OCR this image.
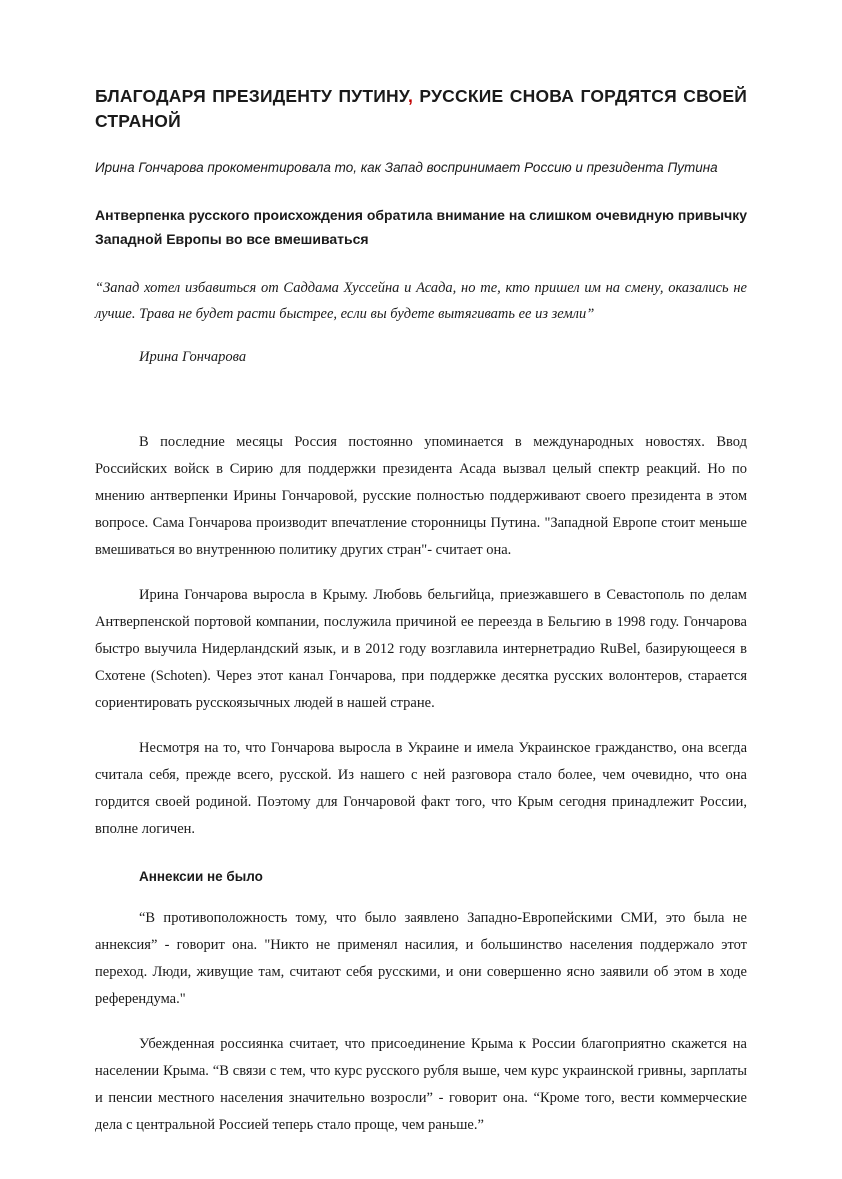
БЛАГОДАРЯ ПРЕЗИДЕНТУ ПУТИНУ, РУССКИЕ СНОВА ГОРДЯТСЯ СВОЕЙ СТРАНОЙ

Ирина Гончарова прокоментировала то, как Запад воспринимает Россию и президента Путина

Антверпенка русского происхождения обратила внимание на слишком очевидную привычку Западной Европы во все вмешиваться

“Запад хотел избавиться от Саддама Хуссейна и Асада, но те, кто пришел им на смену, оказались не лучше. Трава не будет расти быстрее, если вы будете вытягивать ее из земли”

Ирина Гончарова

В последние месяцы Россия постоянно упоминается в международных новостях. Ввод Российских войск в Сирию для поддержки президента Асада вызвал целый спектр реакций. Но по мнению антверпенки Ирины Гончаровой, русские полностью поддерживают своего президента в этом вопросе. Сама Гончарова производит впечатление сторонницы Путина. "Западной Европе стоит меньше вмешиваться во внутреннюю политику других стран"- считает она.

Ирина Гончарова выросла в Крыму. Любовь бельгийца, приезжавшего в Севастополь по делам Антверпенской портовой компании, послужила причиной ее переезда в Бельгию в 1998 году. Гончарова быстро выучила Нидерландский язык, и в 2012 году возглавила интернетрадио RuBel, базирующееся в Схотене (Schoten). Через этот канал Гончарова, при поддержке десятка русских волонтеров, старается сориентировать русскоязычных людей в нашей стране.

Несмотря на то, что Гончарова выросла в Украине и имела Украинское гражданство, она всегда считала себя, прежде всего, русской. Из нашего с ней разговора стало более, чем очевидно, что она гордится своей родиной. Поэтому для Гончаровой факт того, что Крым сегодня принадлежит России, вполне логичен.

Аннексии не было

“В противоположность тому, что было заявлено Западно-Европейскими СМИ, это была не аннексия” - говорит она. "Никто не применял насилия, и большинство населения поддержало этот переход. Люди, живущие там, считают себя русскими, и они совершенно ясно заявили об этом в ходе референдума."

Убежденная россиянка считает, что присоединение Крыма к России благоприятно скажется на населении Крыма. “В связи с тем, что курс русского рубля выше, чем курс украинской гривны, зарплаты и пенсии местного населения значительно возросли” - говорит она. “Кроме того, вести коммерческие дела с центральной Россией теперь стало проще, чем раньше.”
